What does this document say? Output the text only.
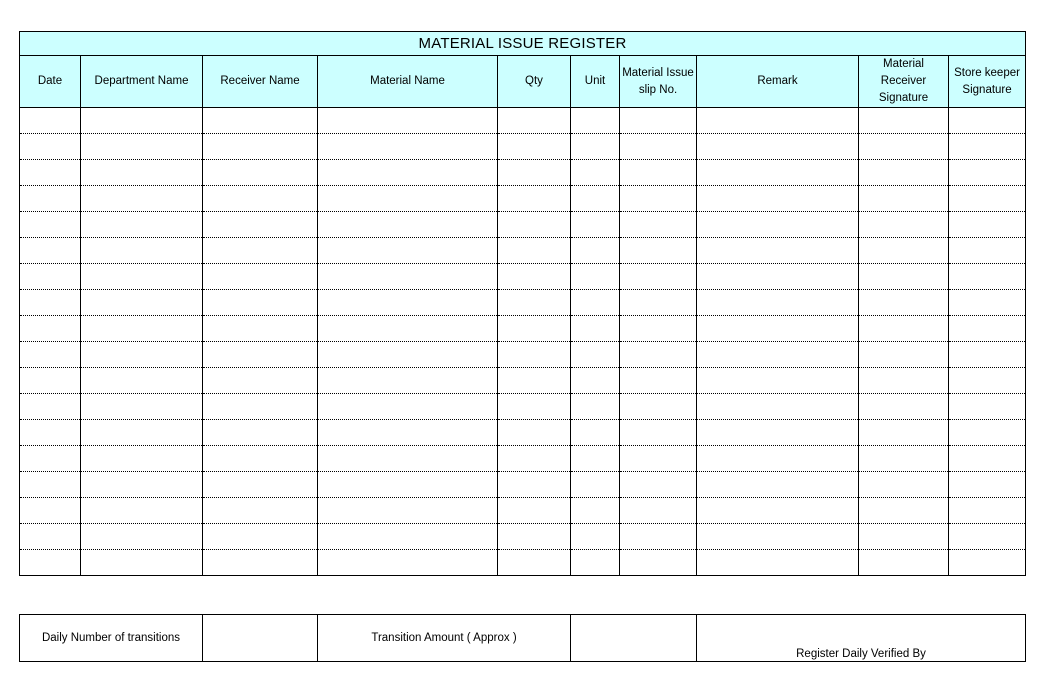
MATERIAL ISSUE REGISTER									
Date	Department Name	Receiver Name	Material Name	Qty	Unit	Material Issue slip No.	Remark	Material Receiver Signature	Store keeper Signature

Daily Number of transitions		Transition Amount ( Approx )		Register Daily Verified By
